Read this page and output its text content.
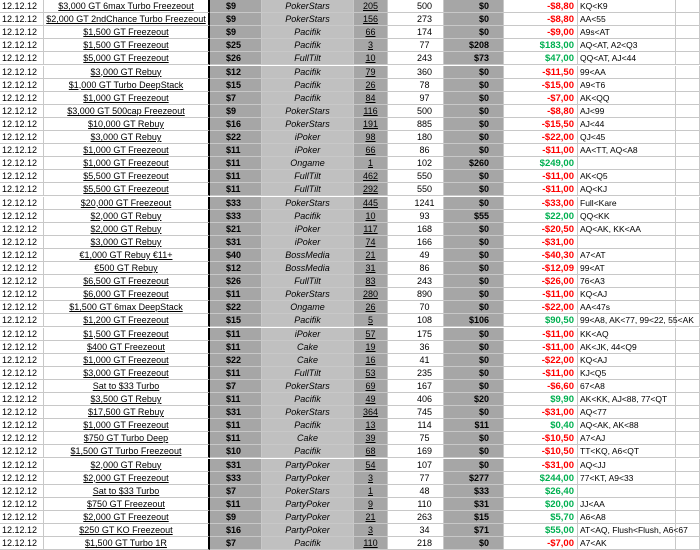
12.12.12	$3,000 GT 6max Turbo Freezeout	$9	PokerStars	205	500	$0	-$8,80 KQ<K9
12.12.12	$2,000 GT 2ndChance Turbo Freezeout	$9	PokerStars	156	273	$0	-$8,80 AA<55
12.12.12	$1,500 GT Freezeout	$9	Pacifik	66	174	$0	-$9,00 A9s<AT
12.12.12	$1,500 GT Freezeout	$25	Pacifik	3	77	$208	$183,00 AQ<AT, A2<Q3
12.12.12	$5,000 GT Freezeout	$26	FullTilt	10	243	$73	$47,00 QQ<AT, AJ<44
12.12.12	$3,000 GT Rebuy	$12	Pacifik	79	360	$0	-$11,50 99<AA
12.12.12	$1,000 GT Turbo DeepStack	$15	Pacifik	26	78	$0	-$15,00 A9<T6
12.12.12	$1,000 GT Freezeout	$7	Pacifik	84	97	$0	-$7,00 AK<QQ
12.12.12	$3,000 GT 500cap Freezeout	$9	PokerStars	116	500	$0	-$8,80 AJ<99
12.12.12	$10,000 GT Rebuy	$16	PokerStars	191	885	$0	-$15,50 AJ<44
12.12.12	$3,000 GT Rebuy	$22	iPoker	98	180	$0	-$22,00 QJ<45
12.12.12	$1,000 GT Freezeout	$11	iPoker	66	86	$0	-$11,00 AA<TT, AQ<A8
12.12.12	$1,000 GT Freezeout	$11	Ongame	1	102	$260	$249,00
12.12.12	$5,500 GT Freezeout	$11	FullTilt	462	550	$0	-$11,00 AK<Q5
12.12.12	$5,500 GT Freezeout	$11	FullTilt	292	550	$0	-$11,00 AQ<KJ
12.12.12	$20,000 GT Freezeout	$33	PokerStars	445	1241	$0	-$33,00 Full<Kare
12.12.12	$2,000 GT Rebuy	$33	Pacifik	10	93	$55	$22,00 QQ<KK
12.12.12	$2,000 GT Rebuy	$21	iPoker	117	168	$0	-$20,50 AQ<AK, KK<AA
12.12.12	$3,000 GT Rebuy	$31	iPoker	74	166	$0	-$31,00
12.12.12	€1,000 GT Rebuy €11+	$40	BossMedia	21	49	$0	-$40,30 A7<AT
12.12.12	€500 GT Rebuy	$12	BossMedia	31	86	$0	-$12,09 99<AT
12.12.12	$6,500 GT Freezeout	$26	FullTilt	83	243	$0	-$26,00 76<A3
12.12.12	$6,000 GT Freezeout	$11	PokerStars	280	890	$0	-$11,00 KQ<AJ
12.12.12	$1,500 GT 6max DeepStack	$22	Ongame	26	70	$0	-$22,00 AA<47s
12.12.12	$1,200 GT Freezeout	$15	Pacifik	5	108	$106	$90,50 99<A8, AK<77, 99<22, 55<AK
12.12.12	$1,500 GT Freezeout	$11	iPoker	57	175	$0	-$11,00 KK<AQ
12.12.12	$400 GT Freezeout	$11	Cake	19	36	$0	-$11,00 AK<JK, 44<Q9
12.12.12	$1,000 GT Freezeout	$22	Cake	16	41	$0	-$22,00 KQ<AJ
12.12.12	$3,000 GT Freezeout	$11	FullTilt	53	235	$0	-$11,00 KJ<Q5
12.12.12	Sat to $33 Turbo	$7	PokerStars	69	167	$0	-$6,60 67<A8
12.12.12	$3,500 GT Rebuy	$11	Pacifik	49	406	$20	$9,90 AK<KK, AJ<88, 77<QT
12.12.12	$17,500 GT Rebuy	$31	PokerStars	364	745	$0	-$31,00 AQ<77
12.12.12	$1,000 GT Freezeout	$11	Pacifik	13	114	$11	$0,40 AQ<AK, AK<88
12.12.12	$750 GT Turbo Deep	$11	Cake	39	75	$0	-$10,50 A7<AJ
12.12.12	$1,500 GT Turbo Freezeout	$10	Pacifik	68	169	$0	-$10,50 TT<KQ, A6<QT
12.12.12	$2,000 GT Rebuy	$31	PartyPoker	54	107	$0	-$31,00 AQ<JJ
12.12.12	$2,000 GT Freezeout	$33	PartyPoker	3	77	$277	$244,00 77<KT, A9<33
12.12.12	Sat to $33 Turbo	$7	PokerStars	1	48	$33	$26,40
12.12.12	$750 GT Freezeout	$11	PartyPoker	9	110	$31	$20,00 JJ<AA
12.12.12	$2,000 GT Freezeout	$9	PartyPoker	21	263	$15	$5,70 A6<A8
12.12.12	$250 GT KO Freezeout	$16	PartyPoker	3	34	$71	$55,00 AT<AQ, Flush<Flush, A6<67
12.12.12	$1,500 GT Turbo 1R	$7	Pacifik	110	218	$0	-$7,00 A7<AK
